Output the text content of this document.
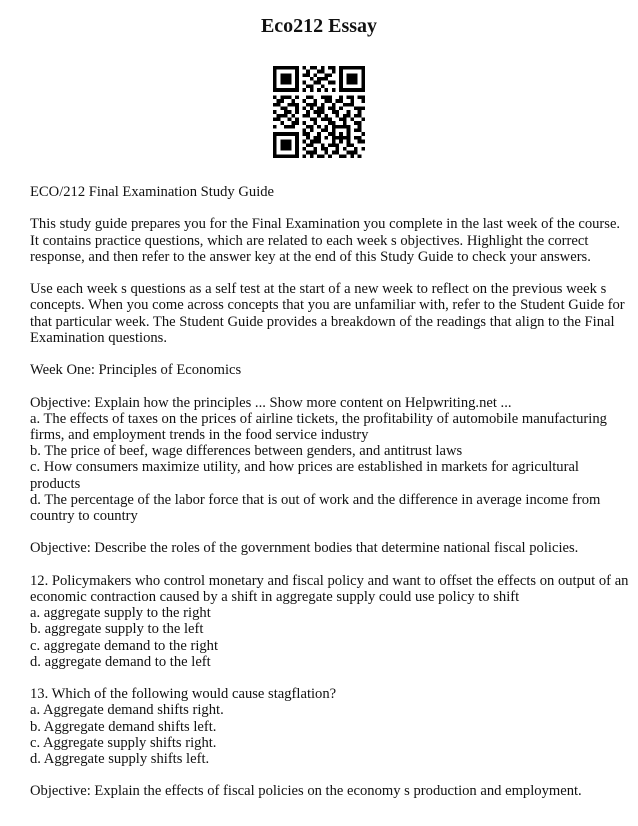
Eco212 Essay
ECO/212 Final Examination Study Guide
This study guide prepares you for the Final Examination you complete in the last week of the course.
It contains practice questions, which are related to each week s objectives. Highlight the correct
response, and then refer to the answer key at the end of this Study Guide to check your answers.
Use each week s questions as a self test at the start of a new week to reflect on the previous week s
concepts. When you come across concepts that you are unfamiliar with, refer to the Student Guide for
that particular week. The Student Guide provides a breakdown of the readings that align to the Final
Examination questions.
Week One: Principles of Economics
Objective: Explain how the principles ... Show more content on Helpwriting.net ...
a. The effects of taxes on the prices of airline tickets, the profitability of automobile manufacturing
firms, and employment trends in the food service industry
b. The price of beef, wage differences between genders, and antitrust laws
c. How consumers maximize utility, and how prices are established in markets for agricultural
products
d. The percentage of the labor force that is out of work and the difference in average income from
country to country
Objective: Describe the roles of the government bodies that determine national fiscal policies.
12. Policymakers who control monetary and fiscal policy and want to offset the effects on output of an
economic contraction caused by a shift in aggregate supply could use policy to shift
a. aggregate supply to the right
b. aggregate supply to the left
c. aggregate demand to the right
d. aggregate demand to the left
13. Which of the following would cause stagflation?
a. Aggregate demand shifts right.
b. Aggregate demand shifts left.
c. Aggregate supply shifts right.
d. Aggregate supply shifts left.
Objective: Explain the effects of fiscal policies on the economy s production and employment.
